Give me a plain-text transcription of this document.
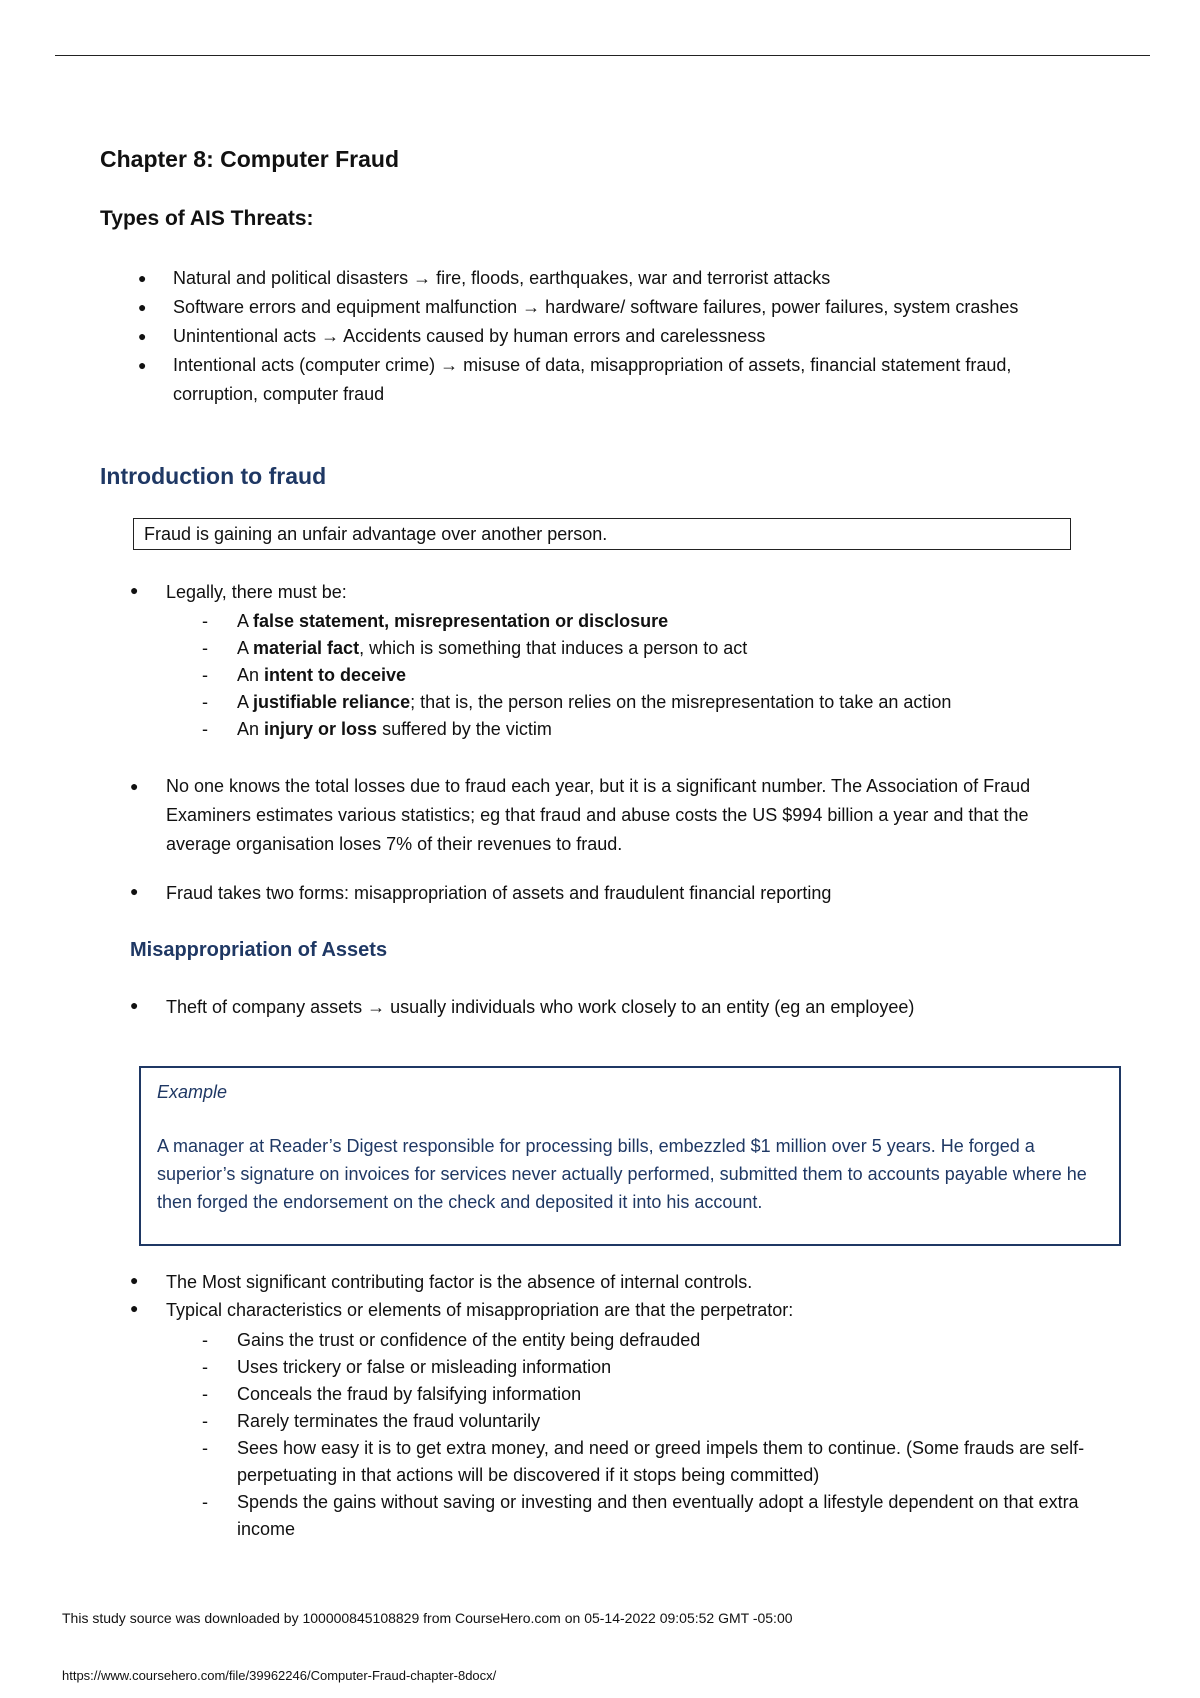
Chapter 8: Computer Fraud
Types of AIS Threats:
● Natural and political disasters → fire, floods, earthquakes, war and terrorist attacks
● Software errors and equipment malfunction → hardware/ software failures, power failures, system crashes
● Unintentional acts → Accidents caused by human errors and carelessness
● Intentional acts (computer crime) → misuse of data, misappropriation of assets, financial statement fraud, corruption, computer fraud
Introduction to fraud
Fraud is gaining an unfair advantage over another person.
● Legally, there must be:
- A false statement, misrepresentation or disclosure
- A material fact, which is something that induces a person to act
- An intent to deceive
- A justifiable reliance; that is, the person relies on the misrepresentation to take an action
- An injury or loss suffered by the victim
● No one knows the total losses due to fraud each year, but it is a significant number. The Association of Fraud Examiners estimates various statistics; eg that fraud and abuse costs the US $994 billion a year and that the average organisation loses 7% of their revenues to fraud.
● Fraud takes two forms: misappropriation of assets and fraudulent financial reporting
Misappropriation of Assets
● Theft of company assets → usually individuals who work closely to an entity (eg an employee)
Example
A manager at Reader’s Digest responsible for processing bills, embezzled $1 million over 5 years. He forged a superior’s signature on invoices for services never actually performed, submitted them to accounts payable where he then forged the endorsement on the check and deposited it into his account.
● The Most significant contributing factor is the absence of internal controls.
● Typical characteristics or elements of misappropriation are that the perpetrator:
- Gains the trust or confidence of the entity being defrauded
- Uses trickery or false or misleading information
- Conceals the fraud by falsifying information
- Rarely terminates the fraud voluntarily
- Sees how easy it is to get extra money, and need or greed impels them to continue. (Some frauds are self-perpetuating in that actions will be discovered if it stops being committed)
- Spends the gains without saving or investing and then eventually adopt a lifestyle dependent on that extra income
This study source was downloaded by 100000845108829 from CourseHero.com on 05-14-2022 09:05:52 GMT -05:00
https://www.coursehero.com/file/39962246/Computer-Fraud-chapter-8docx/
